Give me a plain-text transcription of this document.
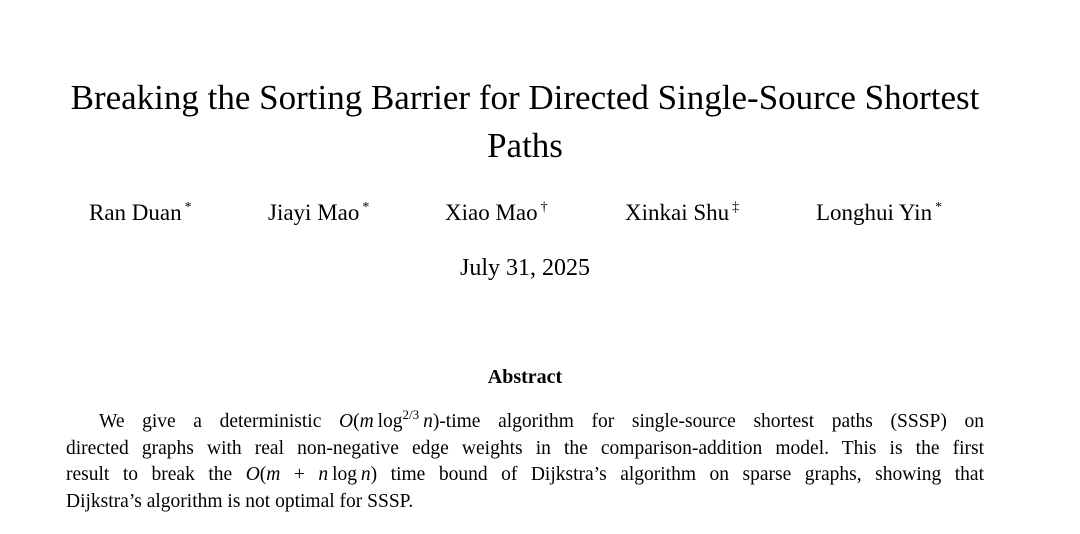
Breaking the Sorting Barrier for Directed Single-Source Shortest
Paths
Ran Duan *	Jiayi Mao *	Xiao Mao †	Xinkai Shu ‡	Longhui Yin *
July 31, 2025
Abstract
We give a deterministic O(m  $\log^{2/3}$  n)-time algorithm for single-source shortest paths (SSSP) on
directed graphs with real non-negative edge weights in the comparison-addition model. This is the first
result to break the O(m + n  log  n) time bound of Dijkstra’s algorithm on sparse graphs, showing that
Dijkstra’s algorithm is not optimal for SSSP.
